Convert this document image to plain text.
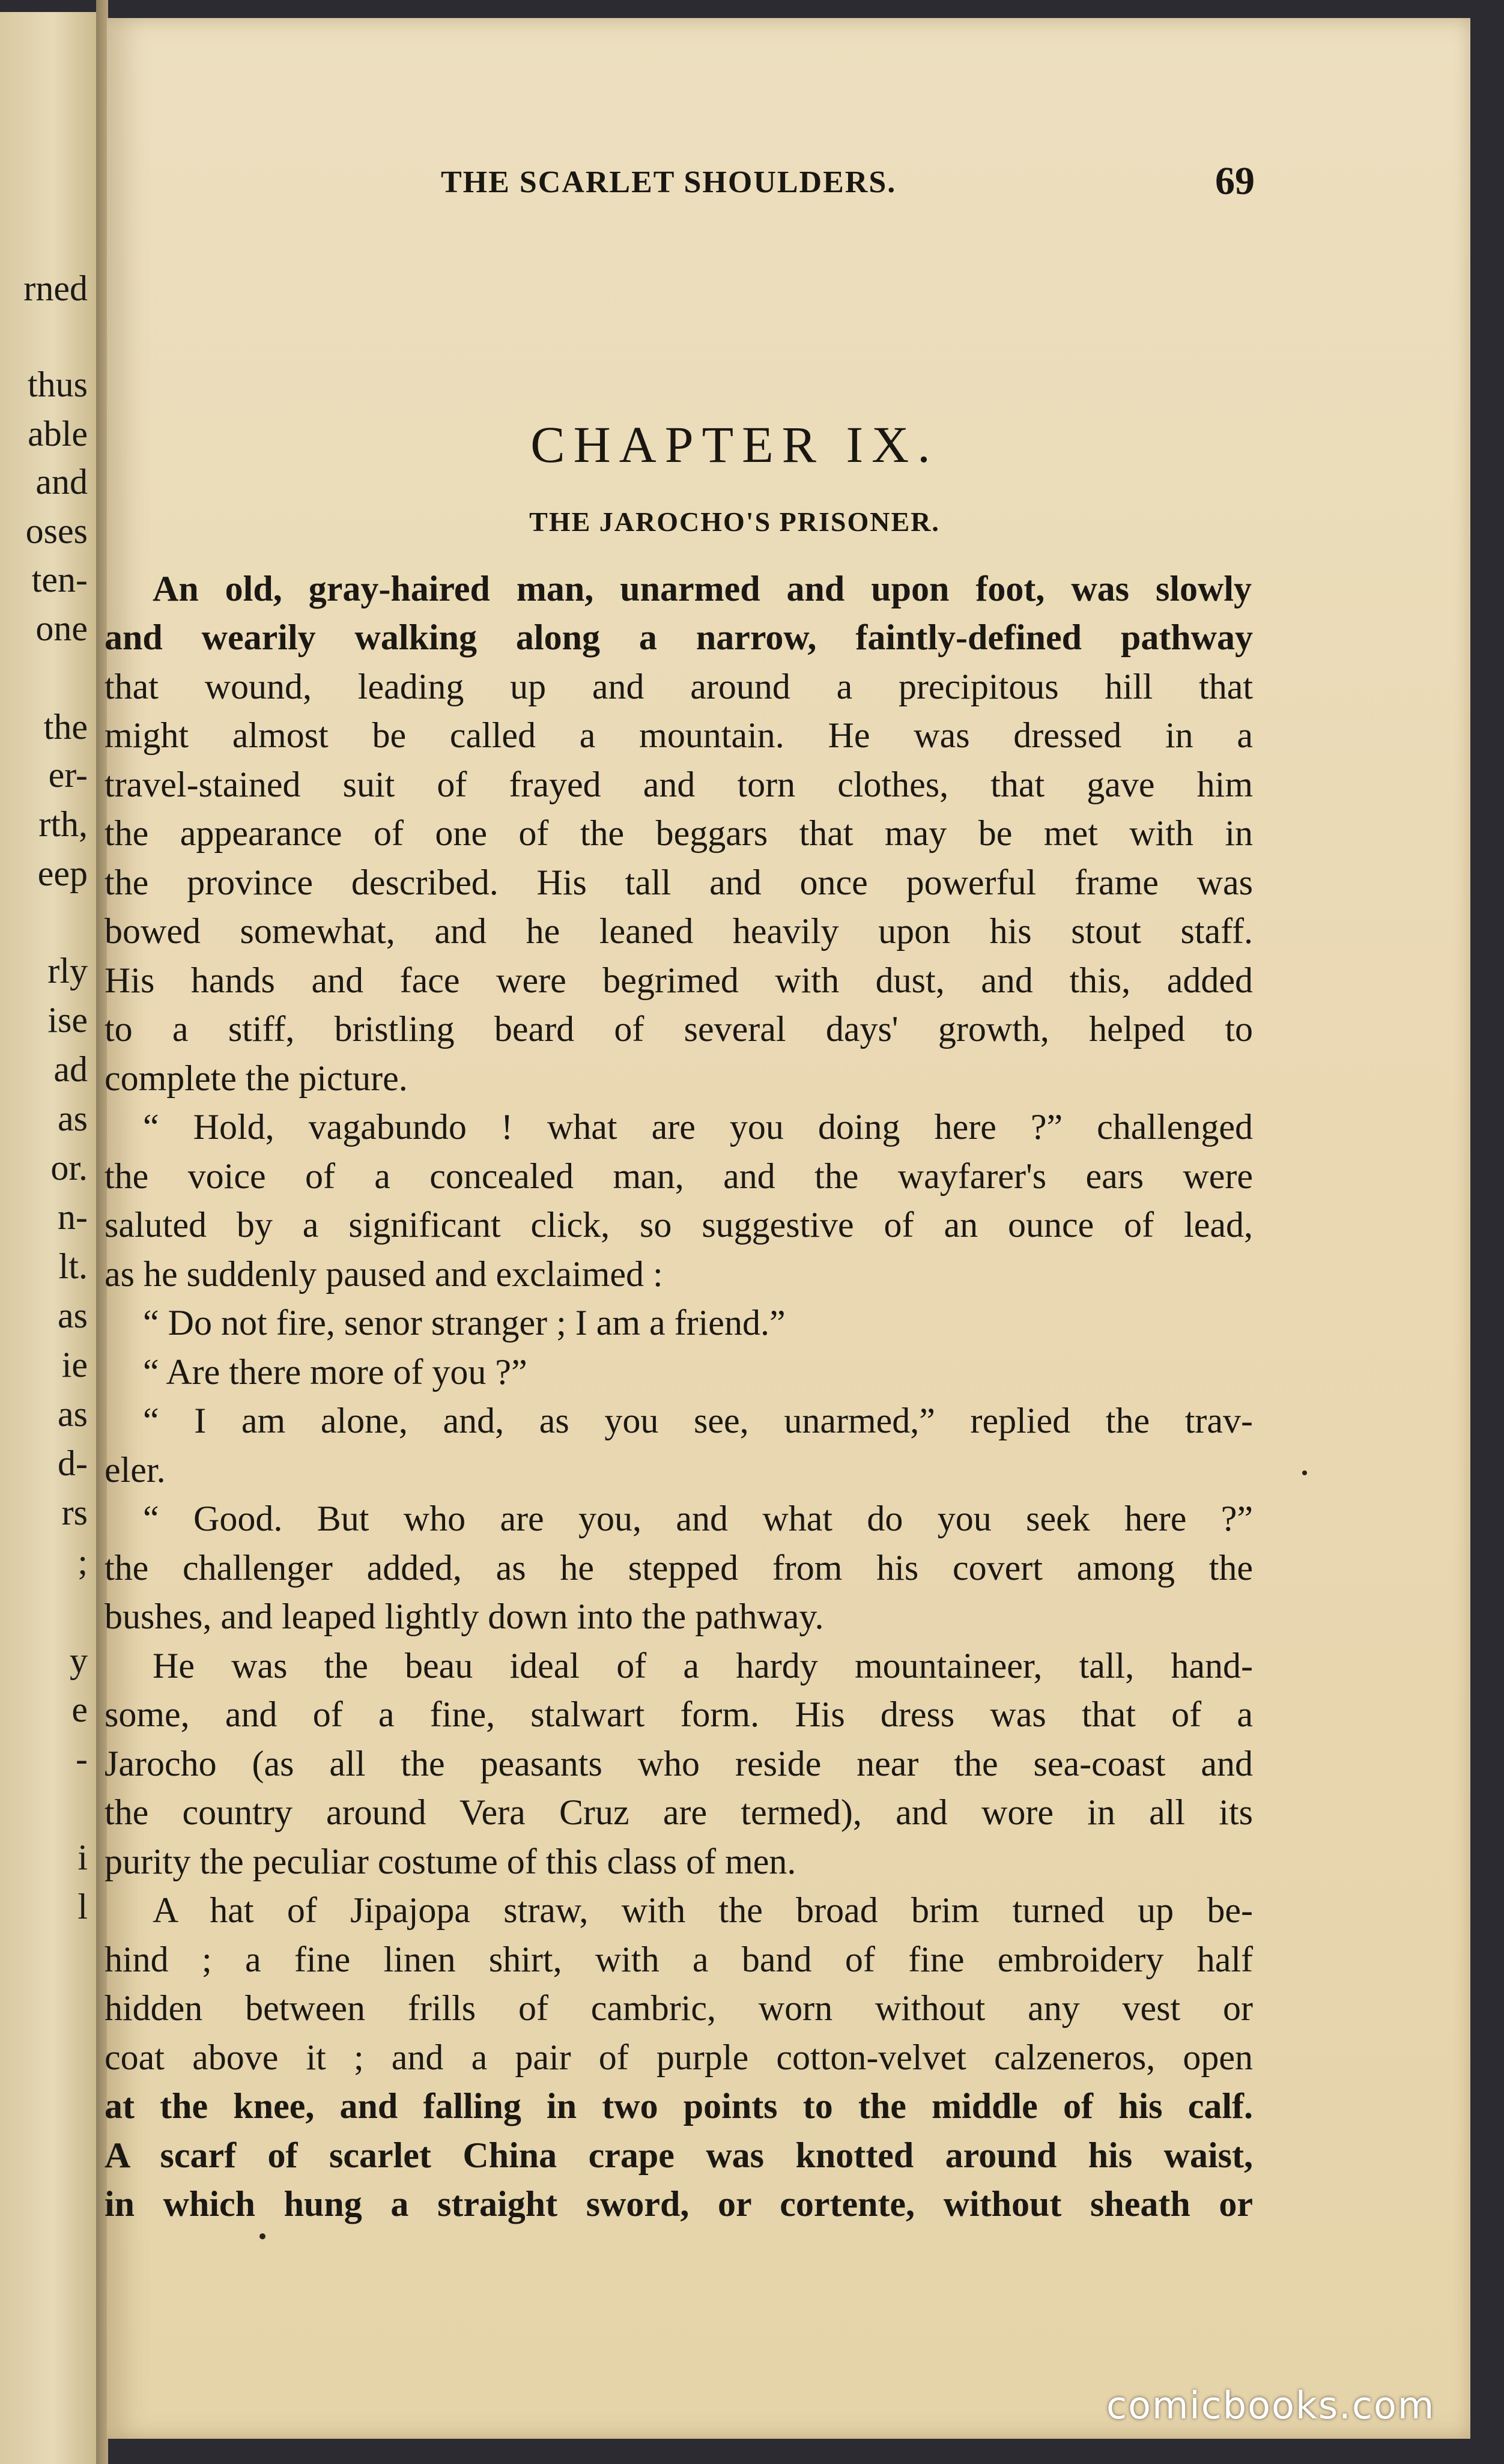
rned
thus
able
and
oses
ten-
one
the
er-
rth,
eep
rly
ise
ad
as
or.
n-
lt.
as
ie
as
d-
rs
;
y
e
-
i
l
THE SCARLET SHOULDERS.	69
CHAPTER IX.
THE JAROCHO'S PRISONER.
An old, gray-haired man, unarmed and upon foot, was slowly
and wearily walking along a narrow, faintly-defined pathway
that wound, leading up and around a precipitous hill that
might almost be called a mountain. He was dressed in a
travel-stained suit of frayed and torn clothes, that gave him
the appearance of one of the beggars that may be met with in
the province described. His tall and once powerful frame was
bowed somewhat, and he leaned heavily upon his stout staff.
His hands and face were begrimed with dust, and this, added
to a stiff, bristling beard of several days' growth, helped to
complete the picture.
“ Hold, vagabundo ! what are you doing here ?” challenged
the voice of a concealed man, and the wayfarer's ears were
saluted by a significant click, so suggestive of an ounce of lead,
as he suddenly paused and exclaimed :
“ Do not fire, senor stranger ; I am a friend.”
“ Are there more of you ?”
“ I am alone, and, as you see, unarmed,” replied the trav-
eler.
“ Good. But who are you, and what do you seek here ?”
the challenger added, as he stepped from his covert among the
bushes, and leaped lightly down into the pathway.
He was the beau ideal of a hardy mountaineer, tall, hand-
some, and of a fine, stalwart form. His dress was that of a
Jarocho (as all the peasants who reside near the sea-coast and
the country around Vera Cruz are termed), and wore in all its
purity the peculiar costume of this class of men.
A hat of Jipajopa straw, with the broad brim turned up be-
hind ; a fine linen shirt, with a band of fine embroidery half
hidden between frills of cambric, worn without any vest or
coat above it ; and a pair of purple cotton-velvet calzeneros, open
at the knee, and falling in two points to the middle of his calf.
A scarf of scarlet China crape was knotted around his waist,
in which hung a straight sword, or cortente, without sheath or
comicbooks.com
